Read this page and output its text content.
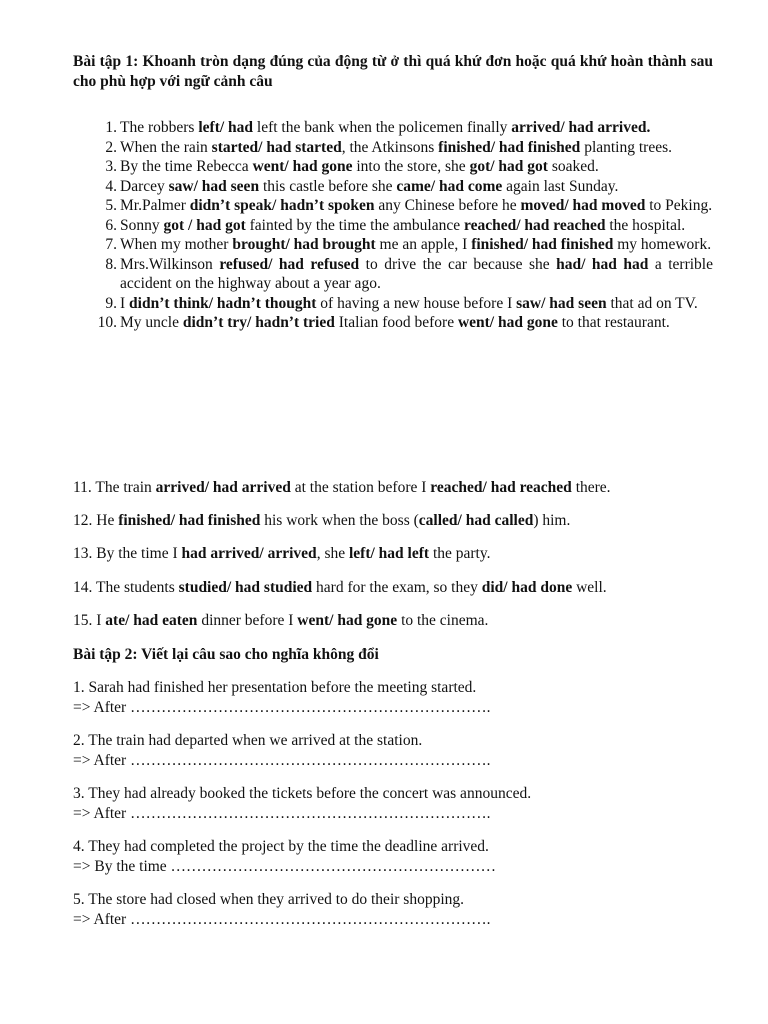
Bài tập 1: Khoanh tròn dạng đúng của động từ ở thì quá khứ đơn hoặc quá khứ hoàn thành sau cho phù hợp với ngữ cảnh câu

1. The robbers left/ had left the bank when the policemen finally arrived/ had arrived.
2. When the rain started/ had started, the Atkinsons finished/ had finished planting trees.
3. By the time Rebecca went/ had gone into the store, she got/ had got soaked.
4. Darcey saw/ had seen this castle before she came/ had come again last Sunday.
5. Mr.Palmer didn’t speak/ hadn’t spoken any Chinese before he moved/ had moved to Peking.
6. Sonny got / had got fainted by the time the ambulance reached/ had reached the hospital.
7. When my mother brought/ had brought me an apple, I finished/ had finished my homework.
8. Mrs.Wilkinson refused/ had refused to drive the car because she had/ had had a terrible accident on the highway about a year ago.
9. I didn’t think/ hadn’t thought of having a new house before I saw/ had seen that ad on TV.
10. My uncle didn’t try/ hadn’t tried Italian food before went/ had gone to that restaurant.

11. The train arrived/ had arrived at the station before I reached/ had reached there.

12. He finished/ had finished his work when the boss (called/ had called) him.

13. By the time I had arrived/ arrived, she left/ had left the party.

14. The students studied/ had studied hard for the exam, so they did/ had done well.

15. I ate/ had eaten dinner before I went/ had gone to the cinema.

Bài tập 2: Viết lại câu sao cho nghĩa không đổi

1. Sarah had finished her presentation before the meeting started.
=> After …………………………………………………………….
2. The train had departed when we arrived at the station.
=> After …………………………………………………………….
3. They had already booked the tickets before the concert was announced.
=> After …………………………………………………………….
4. They had completed the project by the time the deadline arrived.
=> By the time ………………………………………………………
5. The store had closed when they arrived to do their shopping.
=> After …………………………………………………………….
